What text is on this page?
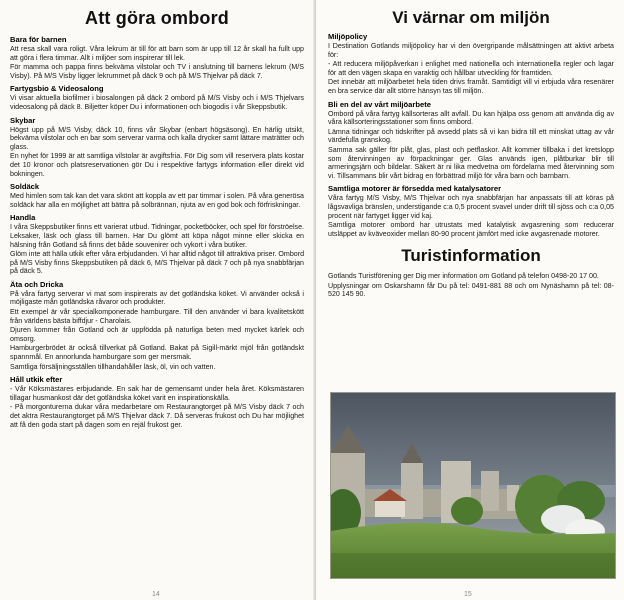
Att göra ombord
Bara för barnen

Att resa skall vara roligt. Våra lekrum är till för att barn som är upp till 12 år skall ha fullt upp att göra i flera timmar. Allt i miljöer som inspirerar till lek.

För mamma och pappa finns bekväma vilstolar och TV i anslutning till barnens lekrum (M/S Visby). På M/S Visby ligger lekrummet på däck 9 och på M/S Thjelvar på däck 7.

Fartygsbio & Videosalong

Vi visar aktuella biofilmer i biosalongen på däck 2 ombord på M/S Visby och i M/S Thjelvars videosalong på däck 8. Biljetter köper Du i informationen och biogodis i vår Skeppsbutik.

Skybar

Högst upp på M/S Visby, däck 10, finns vår Skybar (enbart högsäsong). En härlig utsikt, bekväma vilstolar och en bar som serverar varma och kalla drycker samt lättare maträtter och glass.

En nyhet för 1999 är att samtliga vilstolar är avgiftsfria. För Dig som vill reservera plats kostar det 10 kronor och platsreservationen gör Du i respektive fartygs information eller direkt vid bokningen.

Soldäck

Med himlen som tak kan det vara skönt att koppla av ett par timmar i solen. På våra generösa soldäck har alla en möjlighet att bättra på solbrännan, njuta av en god bok och förfriskningar.

Handla

I våra Skeppsbutiker finns ett varierat utbud. Tidningar, pocketböcker, och spel för förströelse. Leksaker, läsk och glass till barnen. Har Du glömt att köpa något minne eller skicka en hälsning från Gotland så finns det både souvenirer och vykort i våra butiker.

Glöm inte att hälla utkik efter våra erbjudanden. Vi har alltid något till attraktiva priser. Ombord på M/S Visby finns Skeppsbutiken på däck 6, M/S Thjelvar på däck 7 och på nya snabbfärjan på däck 5.

Äta och Dricka

På våra fartyg serverar vi mat som inspirerats av det gotländska köket. Vi använder också i möjligaste mån gotländska råvaror och produkter.

Ett exempel är vår specialkomponerade hamburgare. Till den använder vi bara kvalitetskött från världens bästa biffdjur - Charolais.

Djuren kommer från Gotland och är uppfödda på naturliga beten med mycket kärlek och omsorg.

Hamburgerbrödet är också tillverkat på Gotland. Bakat på Sigill-märkt mjöl från gotländskt spannmål. En annorlunda hamburgare som ger mersmak.

Samtliga försäljningsställen tillhandahåller läsk, öl, vin och vatten.

Håll utkik efter

- Vår Köksmästares erbjudande. En sak har de gemensamt under hela året. Köksmästaren tillagar husmankost där det gotländska köket varit en inspirationskälla.

- På morgonturerna dukar våra medarbetare om Restaurangtorget på M/S Visby däck 7 och det aktra Restaurangtorget på M/S Thjelvar däck 7. Då serveras frukost och Du har möjlighet att få den goda start på dagen som en rejäl frukost ger.

14
Vi värnar om miljön
Miljöpolicy

I Destination Gotlands miljöpolicy har vi den övergripande målsättningen att aktivt arbeta för:

- Att reducera miljöpåverkan i enlighet med nationella och internationella regler och lagar för att den vägen skapa en varaktig och hållbar utveckling för framtiden.

Det innebär att miljöarbetet hela tiden drivs framåt. Samtidigt vill vi erbjuda våra resenärer en bra service där allt större hänsyn tas till miljön.

Bli en del av vårt miljöarbete

Ombord på våra fartyg källsorteras allt avfall. Du kan hjälpa oss genom att använda dig av våra källsorteringsstationer som finns ombord.

Lämna tidningar och tidskrifter på avsedd plats så vi kan bidra till ett minskat uttag av vår värdefulla granskog.

Samma sak gäller för plåt, glas, plast och petflaskor. Allt kommer tillbaka i det kretslopp som återvinningen av förpackningar ger. Glas används igen, plåtburkar blir till armeringsjärn och bildelar. Säkert är ni lika medvetna om fördelarna med återvinning som vi. Tillsammans blir vårt bidrag en förbättrad miljö för våra barn och barnbarn.

Samtliga motorer är försedda med katalysatorer

Våra fartyg M/S Visby, M/S Thjelvar och nya snabbfärjan har anpassats till att köras på lågsvavliga bränslen, understigande c:a 0,5 procent svavel under drift till sjöss och c:a 0,05 procent när fartyget ligger vid kaj.

Samtliga motorer ombord har utrustats med katalytisk avgasrening som reducerar utsläppet av kväveoxider mellan 80-90 procent jämfört med icke avgasrenade motorer.

Turistinformation

Gotlands Turistförening ger Dig mer information om Gotland på telefon 0498-20 17 00.

Upplysningar om Oskarshamn får Du på tel: 0491-881 88 och om Nynäshamn på tel: 08-520 145 90.

15
